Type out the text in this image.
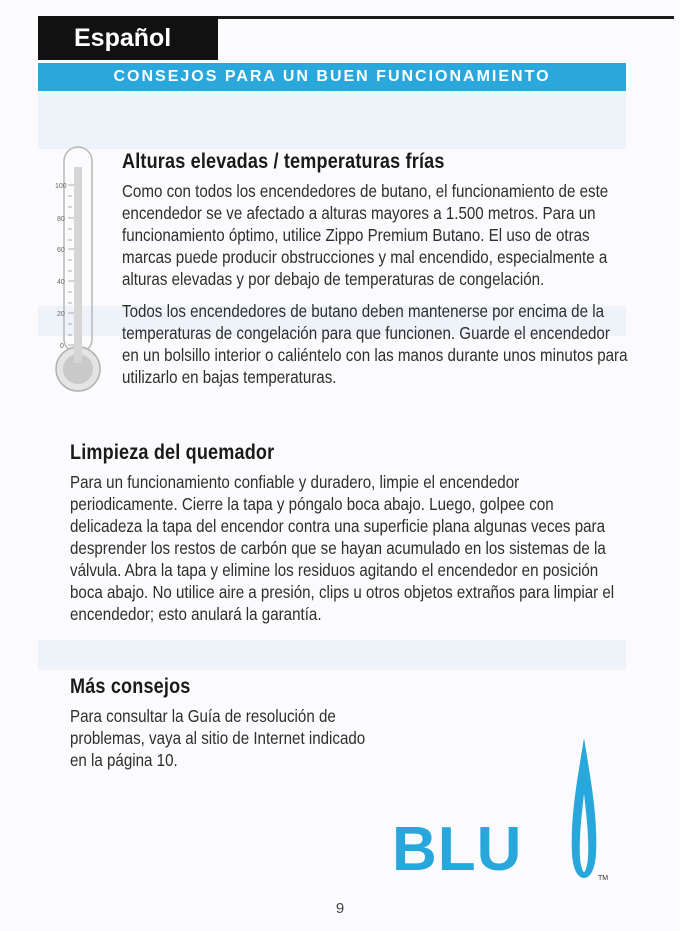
Español
CONSEJOS PARA UN BUEN FUNCIONAMIENTO
100
80
60
40
20
0
Alturas elevadas / temperaturas frías

Como con todos los encendedores de butano, el funcionamiento de este encendedor se ve afectado a alturas mayores a 1.500 metros. Para un funcionamiento óptimo, utilice Zippo Premium Butano. El uso de otras marcas puede producir obstrucciones y mal encendido, especialmente a alturas elevadas y por debajo de temperaturas de congelación.

Todos los encendedores de butano deben mantenerse por encima de la temperaturas de congelación para que funcionen. Guarde el encendedor en un bolsillo interior o caliéntelo con las manos durante unos minutos para utilizarlo en bajas temperaturas.

Limpieza del quemador

Para un funcionamiento confiable y duradero, limpie el encendedor periodicamente. Cierre la tapa y póngalo boca abajo. Luego, golpee con delicadeza la tapa del encendor contra una superficie plana algunas veces para desprender los restos de carbón que se hayan acumulado en los sistemas de la válvula. Abra la tapa y elimine los residuos agitando el encendedor en posición boca abajo. No utilice aire a presión, clips u otros objetos extraños para limpiar el encendedor; esto anulará la garantía.

Más consejos

Para consultar la Guía de resolución de problemas, vaya al sitio de Internet indicado en la página 10.

BLU	TM
9
